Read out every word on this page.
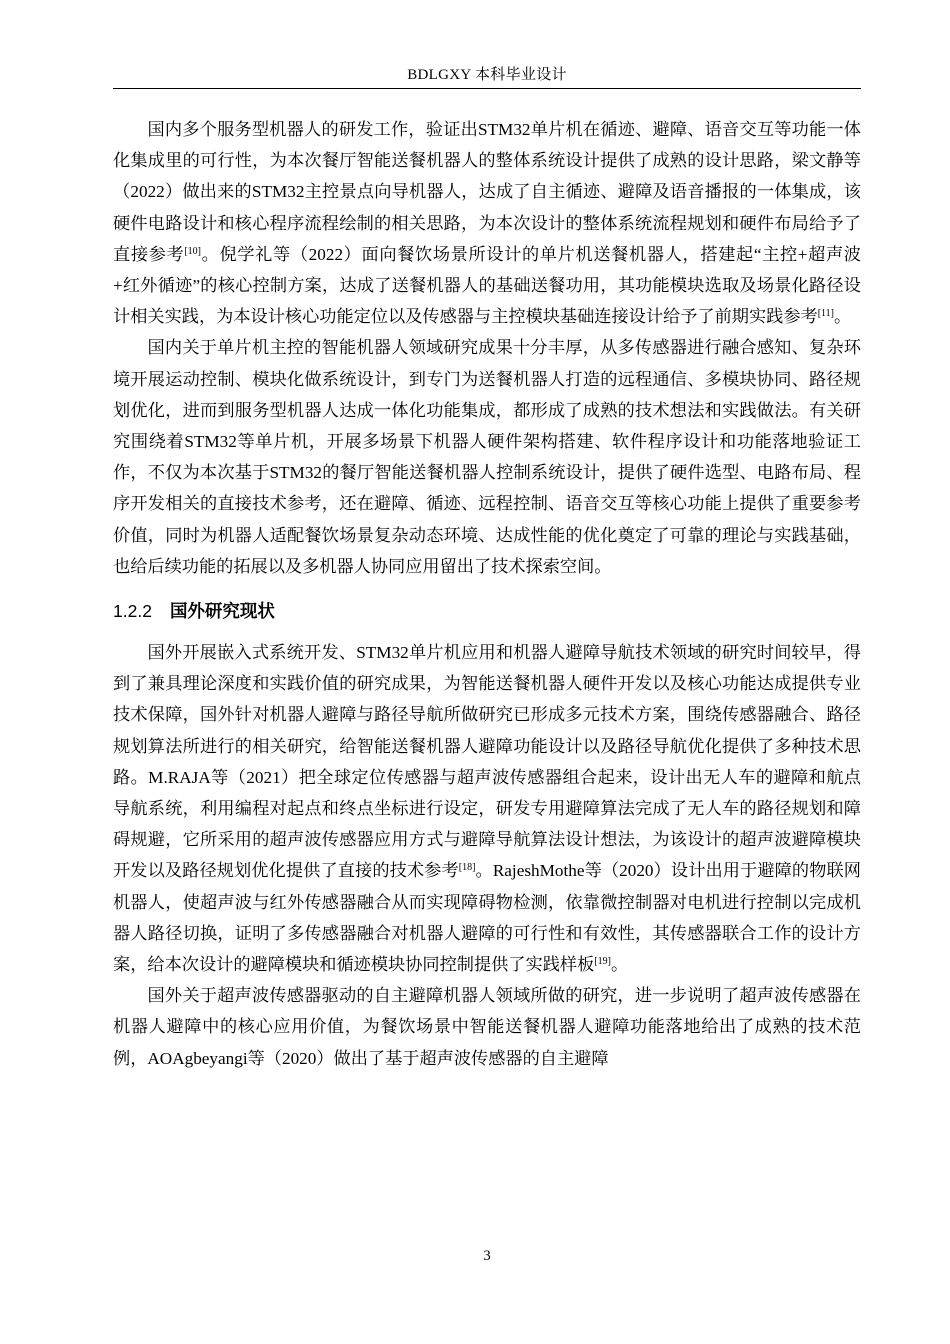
BDLGXY 本科毕业设计

国内多个服务型机器人的研发工作，验证出STM32单片机在循迹、避障、语音交互等功能一体化集成里的可行性，为本次餐厅智能送餐机器人的整体系统设计提供了成熟的设计思路，梁文静等（2022）做出来的STM32主控景点向导机器人，达成了自主循迹、避障及语音播报的一体集成，该硬件电路设计和核心程序流程绘制的相关思路，为本次设计的整体系统流程规划和硬件布局给予了直接参考[10]。倪学礼等（2022）面向餐饮场景所设计的单片机送餐机器人，搭建起“主控+超声波+红外循迹”的核心控制方案，达成了送餐机器人的基础送餐功用，其功能模块选取及场景化路径设计相关实践，为本设计核心功能定位以及传感器与主控模块基础连接设计给予了前期实践参考[11]。

国内关于单片机主控的智能机器人领域研究成果十分丰厚，从多传感器进行融合感知、复杂环境开展运动控制、模块化做系统设计，到专门为送餐机器人打造的远程通信、多模块协同、路径规划优化，进而到服务型机器人达成一体化功能集成，都形成了成熟的技术想法和实践做法。有关研究围绕着STM32等单片机，开展多场景下机器人硬件架构搭建、软件程序设计和功能落地验证工作，不仅为本次基于STM32的餐厅智能送餐机器人控制系统设计，提供了硬件选型、电路布局、程序开发相关的直接技术参考，还在避障、循迹、远程控制、语音交互等核心功能上提供了重要参考价值，同时为机器人适配餐饮场景复杂动态环境、达成性能的优化奠定了可靠的理论与实践基础，也给后续功能的拓展以及多机器人协同应用留出了技术探索空间。

1.2.2 国外研究现状

国外开展嵌入式系统开发、STM32单片机应用和机器人避障导航技术领域的研究时间较早，得到了兼具理论深度和实践价值的研究成果，为智能送餐机器人硬件开发以及核心功能达成提供专业技术保障，国外针对机器人避障与路径导航所做研究已形成多元技术方案，围绕传感器融合、路径规划算法所进行的相关研究，给智能送餐机器人避障功能设计以及路径导航优化提供了多种技术思路。M.RAJA等（2021）把全球定位传感器与超声波传感器组合起来，设计出无人车的避障和航点导航系统，利用编程对起点和终点坐标进行设定，研发专用避障算法完成了无人车的路径规划和障碍规避，它所采用的超声波传感器应用方式与避障导航算法设计想法，为该设计的超声波避障模块开发以及路径规划优化提供了直接的技术参考[18]。RajeshMothe等（2020）设计出用于避障的物联网机器人，使超声波与红外传感器融合从而实现障碍物检测，依靠微控制器对电机进行控制以完成机器人路径切换，证明了多传感器融合对机器人避障的可行性和有效性，其传感器联合工作的设计方案，给本次设计的避障模块和循迹模块协同控制提供了实践样板[19]。

国外关于超声波传感器驱动的自主避障机器人领域所做的研究，进一步说明了超声波传感器在机器人避障中的核心应用价值，为餐饮场景中智能送餐机器人避障功能落地给出了成熟的技术范例，AOAgbeyangi等（2020）做出了基于超声波传感器的自主避障

3
